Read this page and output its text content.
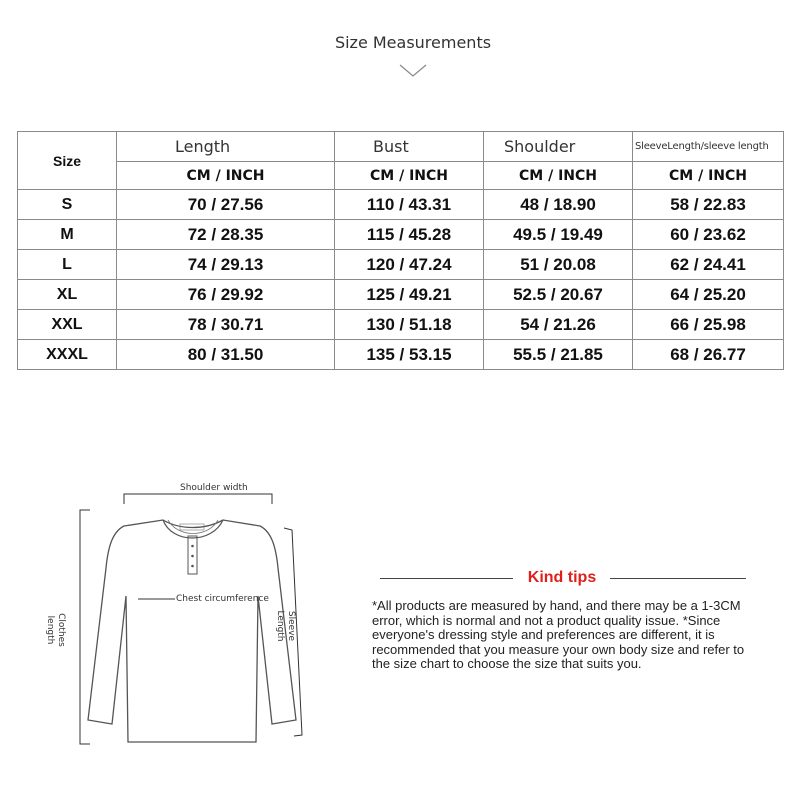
Size Measurements
Size	Length	Bust	Shoulder	SleeveLength/sleeve length
	CM / INCH	CM / INCH	CM / INCH	CM / INCH
S	70 / 27.56	110 / 43.31	48 / 18.90	58 / 22.83
M	72 / 28.35	115 / 45.28	49.5 / 19.49	60 / 23.62
L	74 / 29.13	120 / 47.24	51 / 20.08	62 / 24.41
XL	76 / 29.92	125 / 49.21	52.5 / 20.67	64 / 25.20
XXL	78 / 30.71	130 / 51.18	54 / 21.26	66 / 25.98
XXXL	80 / 31.50	135 / 53.15	55.5 / 21.85	68 / 26.77
Shoulder width
Chest circumference
Clothes length	Sleeve Length
Kind tips
*All products are measured by hand, and there may be a 1-3CM
error, which is normal and not a product quality issue. *Since
everyone's dressing style and preferences are different, it is
recommended that you measure your own body size and refer to
the size chart to choose the size that suits you.
